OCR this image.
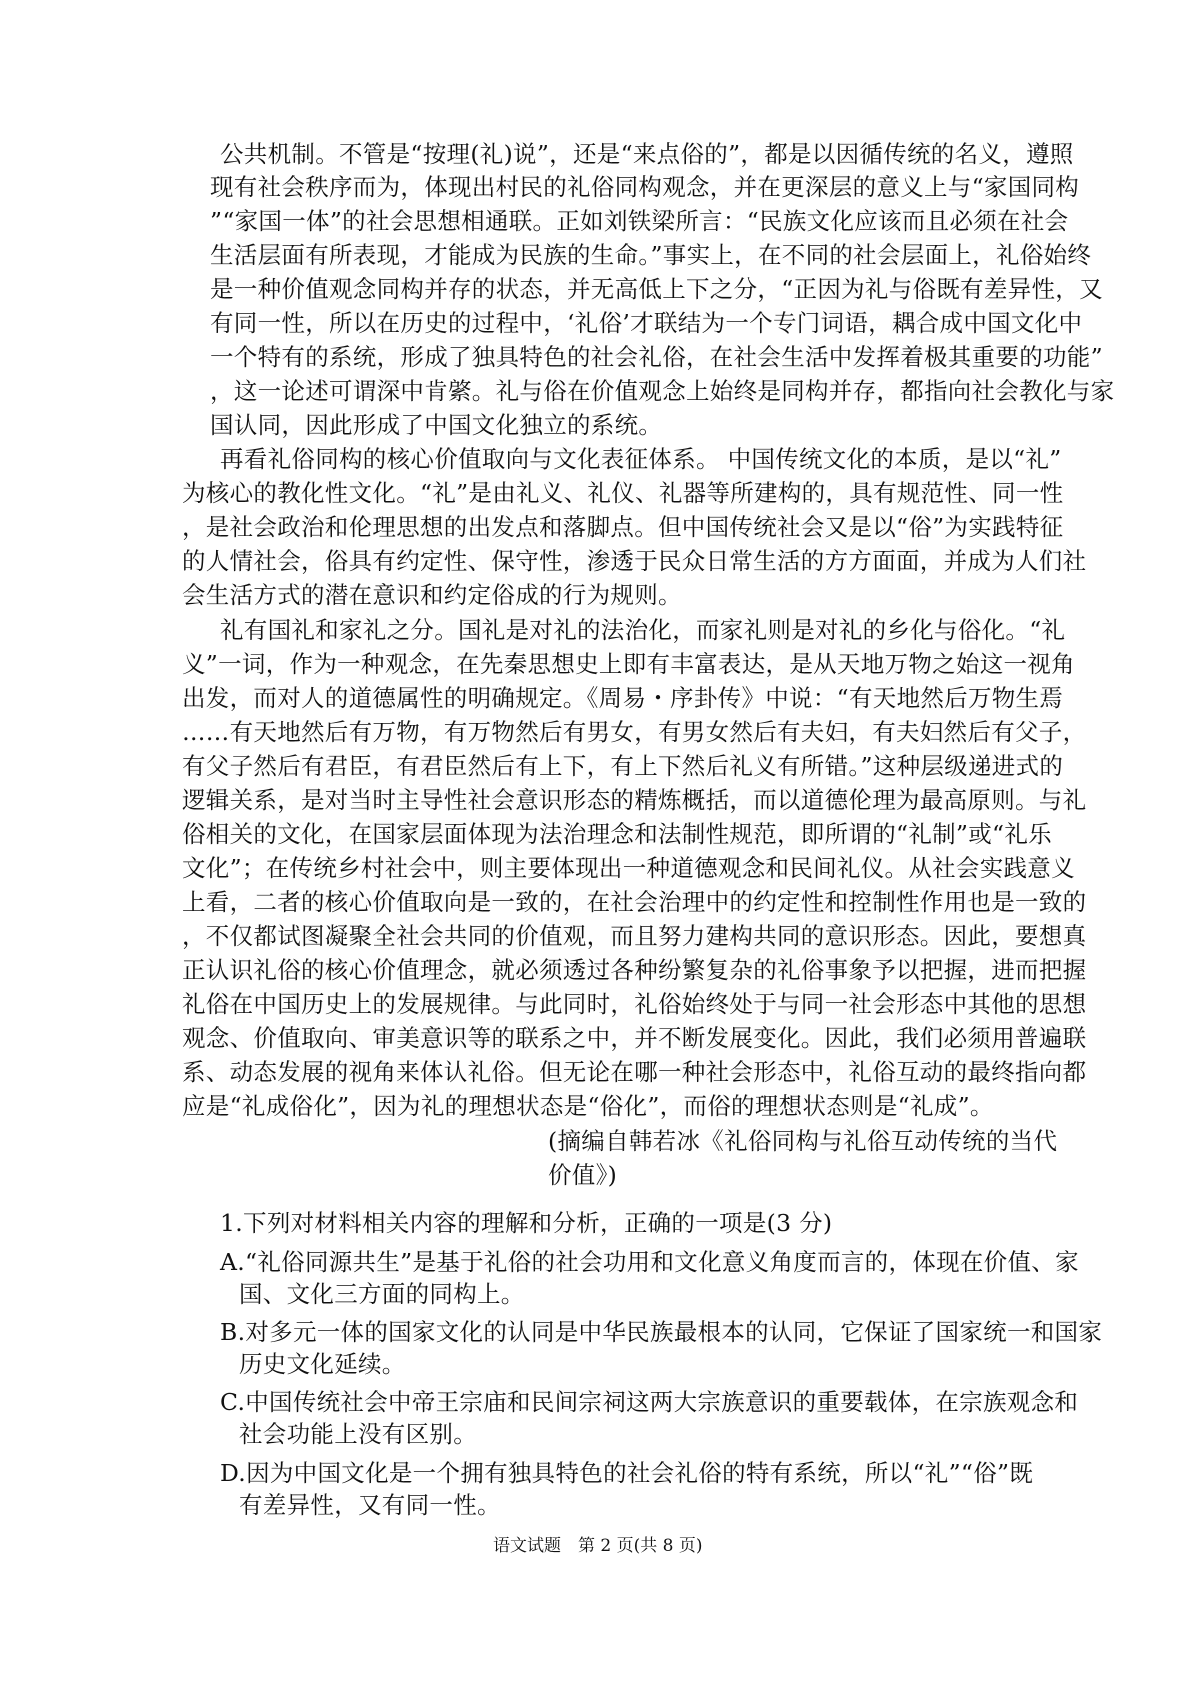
公共机制。不管是“按理(礼)说”，还是“来点俗的”，都是以因循传统的名义，遵照
现有社会秩序而为，体现出村民的礼俗同构观念，并在更深层的意义上与“家国同构
”“家国一体”的社会思想相通联。正如刘铁梁所言：“民族文化应该而且必须在社会
生活层面有所表现，才能成为民族的生命。”事实上，在不同的社会层面上，礼俗始终
是一种价值观念同构并存的状态，并无高低上下之分，“正因为礼与俗既有差异性，又
有同一性，所以在历史的过程中，‘礼俗’才联结为一个专门词语，耦合成中国文化中
一个特有的系统，形成了独具特色的社会礼俗，在社会生活中发挥着极其重要的功能”
，这一论述可谓深中肯綮。礼与俗在价值观念上始终是同构并存，都指向社会教化与家
国认同，因此形成了中国文化独立的系统。
再看礼俗同构的核心价值取向与文化表征体系。 中国传统文化的本质，是以“礼”
为核心的教化性文化。“礼”是由礼义、礼仪、礼器等所建构的，具有规范性、同一性
，是社会政治和伦理思想的出发点和落脚点。但中国传统社会又是以“俗”为实践特征
的人情社会，俗具有约定性、保守性，渗透于民众日常生活的方方面面，并成为人们社
会生活方式的潜在意识和约定俗成的行为规则。
礼有国礼和家礼之分。国礼是对礼的法治化，而家礼则是对礼的乡化与俗化。“礼
义”一词，作为一种观念，在先秦思想史上即有丰富表达，是从天地万物之始这一视角
出发，而对人的道德属性的明确规定。《周易・序卦传》中说：“有天地然后万物生焉
……有天地然后有万物，有万物然后有男女，有男女然后有夫妇，有夫妇然后有父子，
有父子然后有君臣，有君臣然后有上下，有上下然后礼义有所错。”这种层级递进式的
逻辑关系，是对当时主导性社会意识形态的精炼概括，而以道德伦理为最高原则。与礼
俗相关的文化，在国家层面体现为法治理念和法制性规范，即所谓的“礼制”或“礼乐
文化”；在传统乡村社会中，则主要体现出一种道德观念和民间礼仪。从社会实践意义
上看，二者的核心价值取向是一致的，在社会治理中的约定性和控制性作用也是一致的
，不仅都试图凝聚全社会共同的价值观，而且努力建构共同的意识形态。因此，要想真
正认识礼俗的核心价值理念，就必须透过各种纷繁复杂的礼俗事象予以把握，进而把握
礼俗在中国历史上的发展规律。与此同时，礼俗始终处于与同一社会形态中其他的思想
观念、价值取向、审美意识等的联系之中，并不断发展变化。因此，我们必须用普遍联
系、动态发展的视角来体认礼俗。但无论在哪一种社会形态中，礼俗互动的最终指向都
应是“礼成俗化”，因为礼的理想状态是“俗化”，而俗的理想状态则是“礼成”。
(摘编自韩若冰《礼俗同构与礼俗互动传统的当代
价值》)
1.下列对材料相关内容的理解和分析，正确的一项是(3 分)
A.“礼俗同源共生”是基于礼俗的社会功用和文化意义角度而言的，体现在价值、家
国、文化三方面的同构上。
B.对多元一体的国家文化的认同是中华民族最根本的认同，它保证了国家统一和国家
历史文化延续。
C.中国传统社会中帝王宗庙和民间宗祠这两大宗族意识的重要载体，在宗族观念和
社会功能上没有区别。
D.因为中国文化是一个拥有独具特色的社会礼俗的特有系统，所以“礼”“俗”既
有差异性，又有同一性。
语文试题　第 2 页(共 8 页)
